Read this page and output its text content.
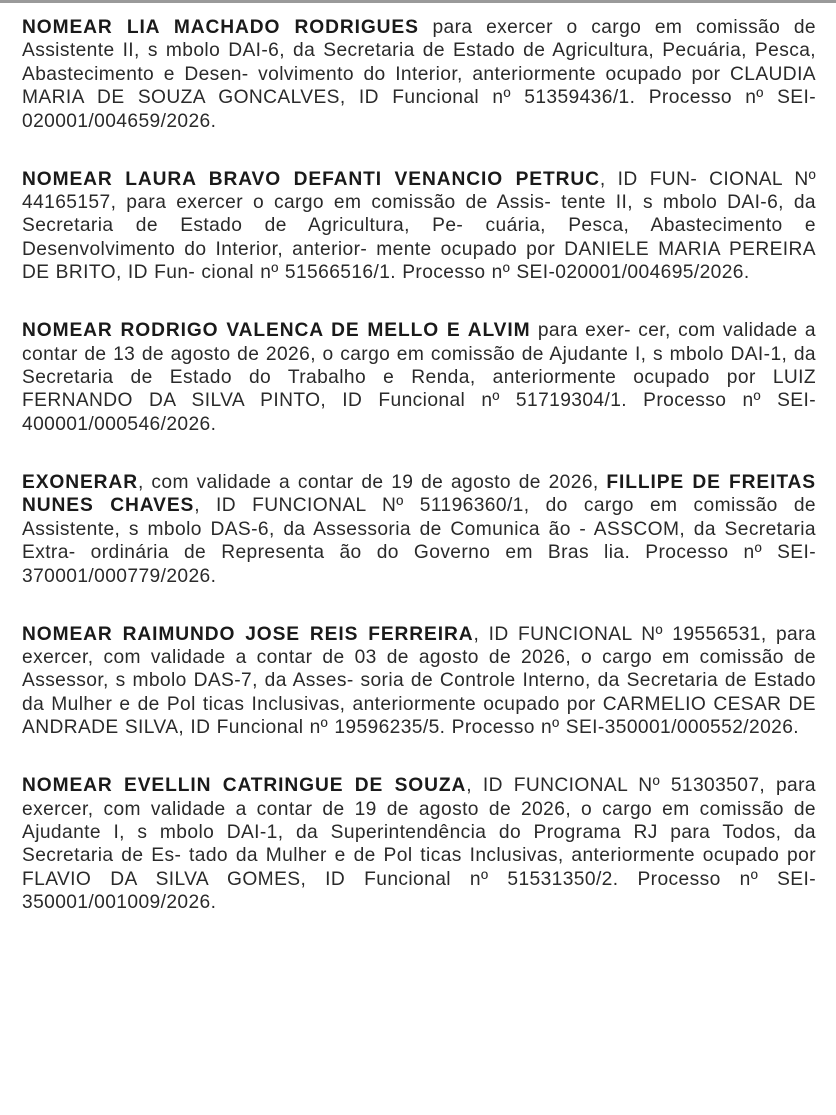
NOMEAR LIA MACHADO RODRIGUES para exercer o cargo em comissão de Assistente II, s mbolo DAI-6, da Secretaria de Estado de Agricultura, Pecuária, Pesca, Abastecimento e Desen- volvimento do Interior, anteriormente ocupado por CLAUDIA MARIA DE SOUZA GONCALVES, ID Funcional nº 51359436/1. Processo nº SEI-020001/004659/2026.

NOMEAR LAURA BRAVO DEFANTI VENANCIO PETRUC, ID FUN- CIONAL Nº 44165157, para exercer o cargo em comissão de Assis- tente II, s mbolo DAI-6, da Secretaria de Estado de Agricultura, Pe- cuária, Pesca, Abastecimento e Desenvolvimento do Interior, anterior- mente ocupado por DANIELE MARIA PEREIRA DE BRITO, ID Fun- cional nº 51566516/1. Processo nº SEI-020001/004695/2026.

NOMEAR RODRIGO VALENCA DE MELLO E ALVIM para exer- cer, com validade a contar de 13 de agosto de 2026, o cargo em comissão de Ajudante I, s mbolo DAI-1, da Secretaria de Estado do Trabalho e Renda, anteriormente ocupado por LUIZ FERNANDO DA SILVA PINTO, ID Funcional nº 51719304/1. Processo nº SEI-400001/000546/2026.

EXONERAR, com validade a contar de 19 de agosto de 2026, FILLIPE DE FREITAS NUNES CHAVES, ID FUNCIONAL Nº 51196360/1, do cargo em comissão de Assistente, s mbolo DAS-6, da Assessoria de Comunica ão - ASSCOM, da Secretaria Extra- ordinária de Representa ão do Governo em Bras lia. Processo nº SEI-370001/000779/2026.

NOMEAR RAIMUNDO JOSE REIS FERREIRA, ID FUNCIONAL Nº 19556531, para exercer, com validade a contar de 03 de agosto de 2026, o cargo em comissão de Assessor, s mbolo DAS-7, da Asses- soria de Controle Interno, da Secretaria de Estado da Mulher e de Pol ticas Inclusivas, anteriormente ocupado por CARMELIO CESAR DE ANDRADE SILVA, ID Funcional nº 19596235/5. Processo nº SEI-350001/000552/2026.

NOMEAR EVELLIN CATRINGUE DE SOUZA, ID FUNCIONAL Nº 51303507, para exercer, com validade a contar de 19 de agosto de 2026, o cargo em comissão de Ajudante I, s mbolo DAI-1, da Superintendência do Programa RJ para Todos, da Secretaria de Es- tado da Mulher e de Pol ticas Inclusivas, anteriormente ocupado por FLAVIO DA SILVA GOMES, ID Funcional nº 51531350/2. Processo nº SEI-350001/001009/2026.
